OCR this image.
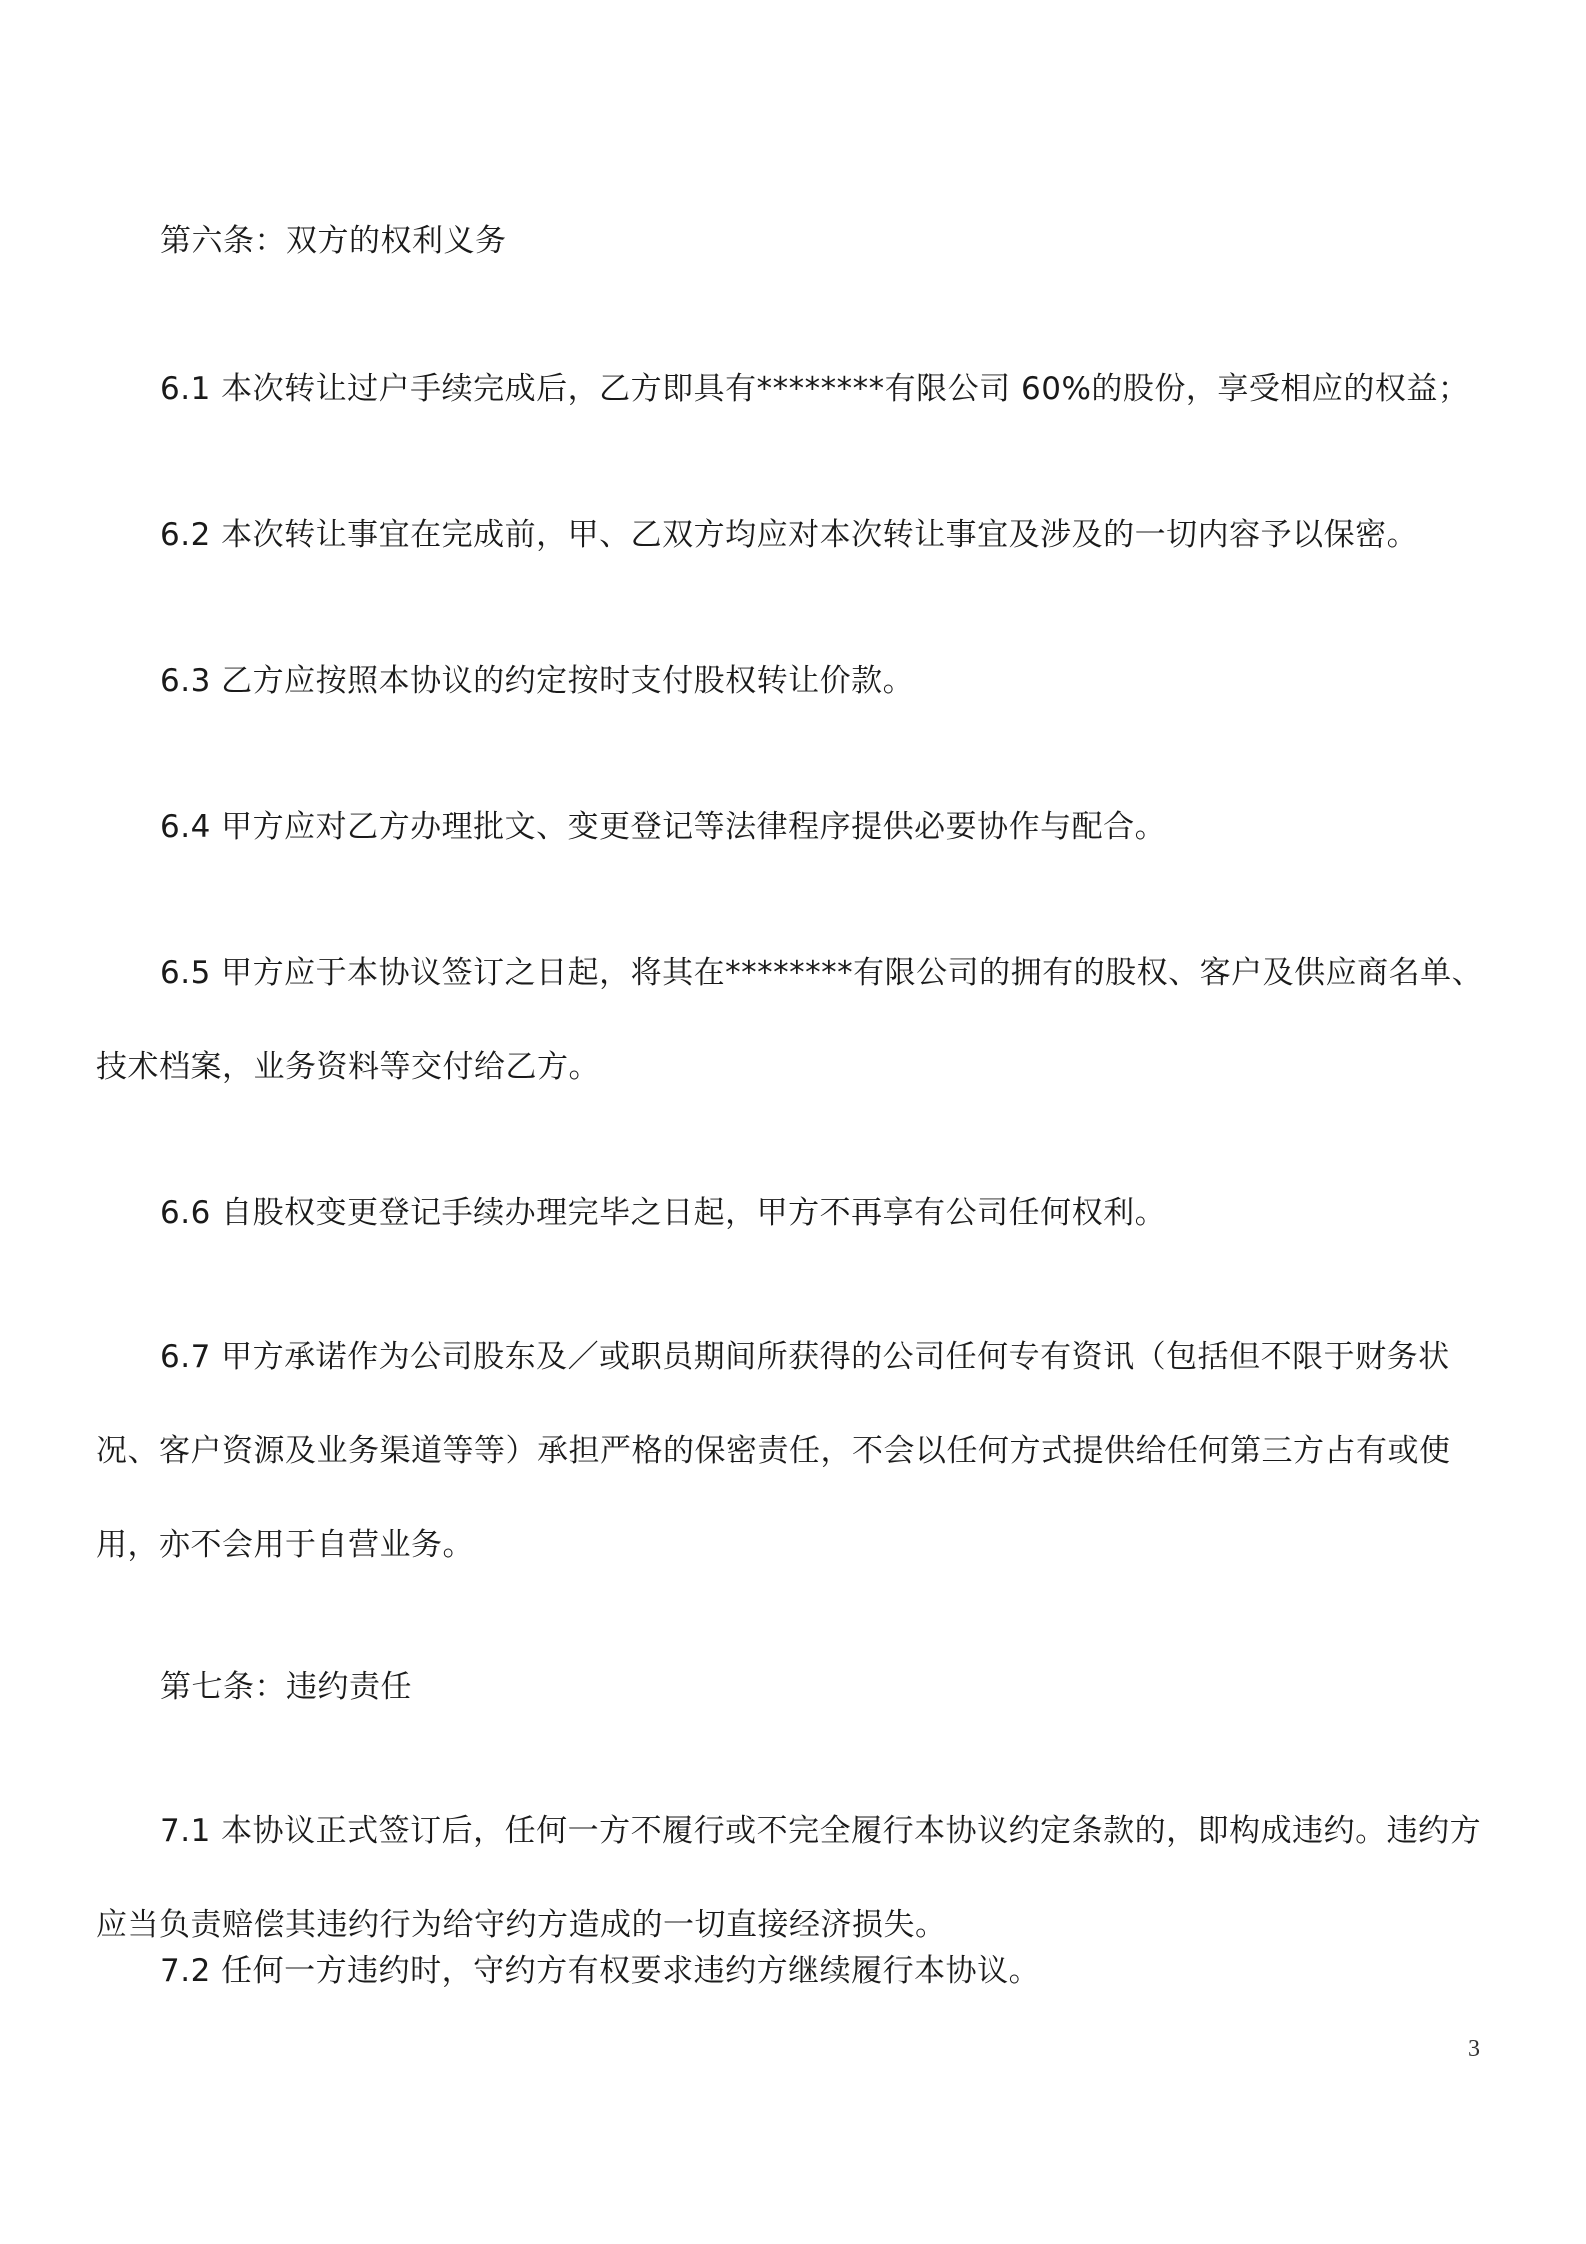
第六条：双方的权利义务
6.1 本次转让过户手续完成后，乙方即具有********有限公司 60%的股份，享受相应的权益；
6.2 本次转让事宜在完成前，甲、乙双方均应对本次转让事宜及涉及的一切内容予以保密。
6.3 乙方应按照本协议的约定按时支付股权转让价款。
6.4 甲方应对乙方办理批文、变更登记等法律程序提供必要协作与配合。
6.5 甲方应于本协议签订之日起，将其在********有限公司的拥有的股权、客户及供应商名单、技术档案，业务资料等交付给乙方。
6.6 自股权变更登记手续办理完毕之日起，甲方不再享有公司任何权利。
6.7 甲方承诺作为公司股东及／或职员期间所获得的公司任何专有资讯（包括但不限于财务状况、客户资源及业务渠道等等）承担严格的保密责任，不会以任何方式提供给任何第三方占有或使用，亦不会用于自营业务。
第七条：违约责任
7.1 本协议正式签订后，任何一方不履行或不完全履行本协议约定条款的，即构成违约。违约方应当负责赔偿其违约行为给守约方造成的一切直接经济损失。
7.2 任何一方违约时，守约方有权要求违约方继续履行本协议。
3
